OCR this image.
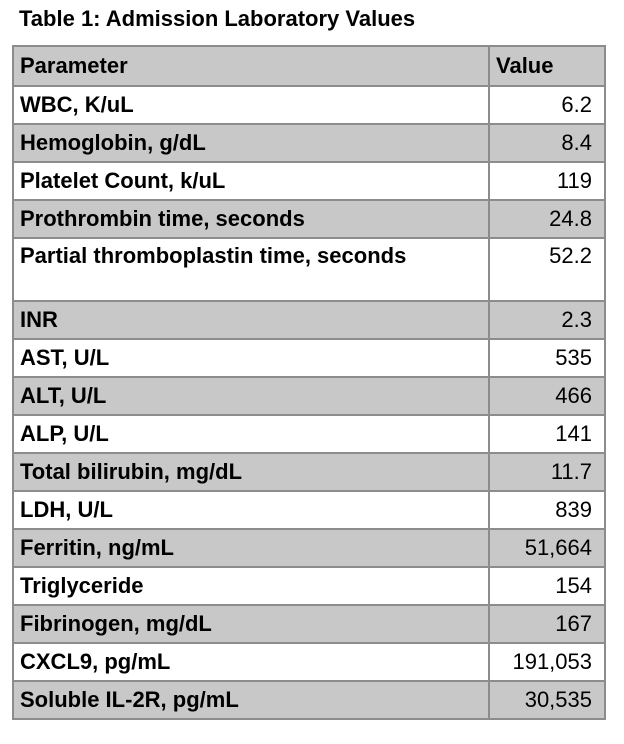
Table 1: Admission Laboratory Values
Parameter	Value
WBC, K/uL	6.2
Hemoglobin, g/dL	8.4
Platelet Count, k/uL	119
Prothrombin time, seconds	24.8
Partial thromboplastin time, seconds	52.2
INR	2.3
AST, U/L	535
ALT, U/L	466
ALP, U/L	141
Total bilirubin, mg/dL	11.7
LDH, U/L	839
Ferritin, ng/mL	51,664
Triglyceride	154
Fibrinogen, mg/dL	167
CXCL9, pg/mL	191,053
Soluble IL-2R, pg/mL	30,535
